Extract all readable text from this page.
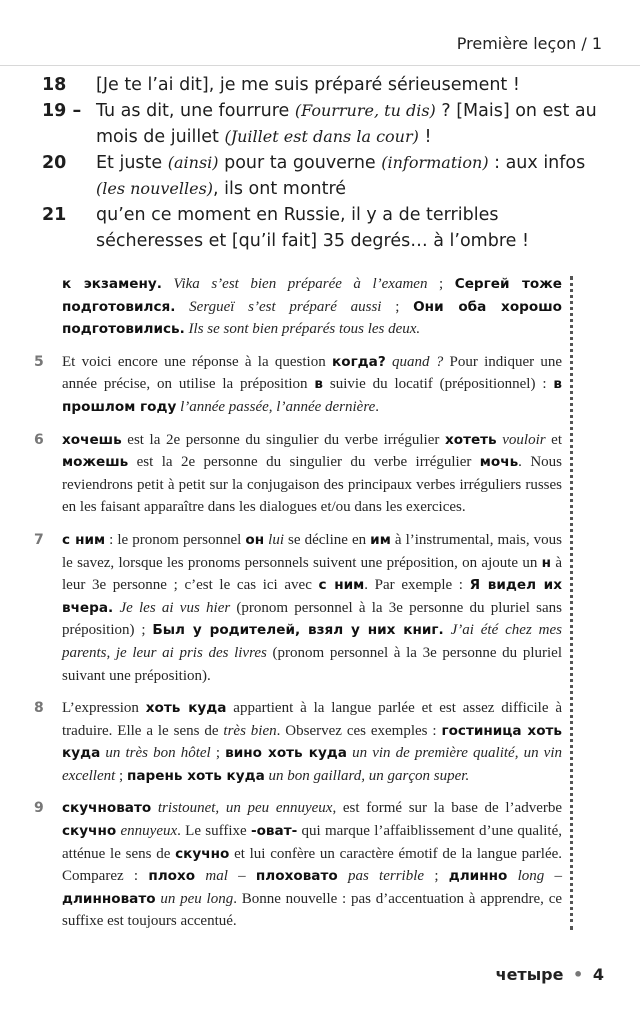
Première leçon / 1
18	[Je te l’ai dit], je me suis préparé sérieusement !
19 – Tu as dit, une fourrure (Fourrure, tu dis) ? [Mais] on est au mois de juillet (Juillet est dans la cour) !
20	Et juste (ainsi) pour ta gouverne (information) : aux infos (les nouvelles), ils ont montré
21	qu’en ce moment en Russie, il y a de terribles sécheresses et [qu’il fait] 35 degrés… à l’ombre !
к экзамену. Vika s’est bien préparée à l’examen ; Сергей тоже подготовился. Sergueï s’est préparé aussi ; Они оба хорошо подготовились. Ils se sont bien préparés tous les deux.
5 Et voici encore une réponse à la question когда? quand ? Pour indiquer une année précise, on utilise la préposition в suivie du locatif (prépositionnel) : в прошлом году l’année passée, l’année dernière.
6 хочешь est la 2e personne du singulier du verbe irrégulier хотеть vouloir et можешь est la 2e personne du singulier du verbe irrégulier мочь. Nous reviendrons petit à petit sur la conjugaison des principaux verbes irréguliers russes en les faisant apparaître dans les dialogues et/ou dans les exercices.
7 с ним : le pronom personnel он lui se décline en им à l’instrumental, mais, vous le savez, lorsque les pronoms personnels suivent une préposition, on ajoute un н à leur 3e personne ; c’est le cas ici avec с ним. Par exemple : Я видел их вчера. Je les ai vus hier (pronom personnel à la 3e personne du pluriel sans préposition) ; Был у родителей, взял у них книг. J’ai été chez mes parents, je leur ai pris des livres (pronom personnel à la 3e personne du pluriel suivant une préposition).
8 L’expression хоть куда appartient à la langue parlée et est assez difficile à traduire. Elle a le sens de très bien. Observez ces exemples : гостиница хоть куда un très bon hôtel ; вино хоть куда un vin de première qualité, un vin excellent ; парень хоть куда un bon gaillard, un garçon super.
9 скучновато tristounet, un peu ennuyeux, est formé sur la base de l’adverbe скучно ennuyeux. Le suffixe -оват- qui marque l’affaiblissement d’une qualité, atténue le sens de скучно et lui confère un caractère émotif de la langue parlée. Comparez : плохо mal – плоховато pas terrible ; длинно long – длинновато un peu long. Bonne nouvelle : pas d’accentuation à apprendre, ce suffixe est toujours accentué.
четыре • 4
